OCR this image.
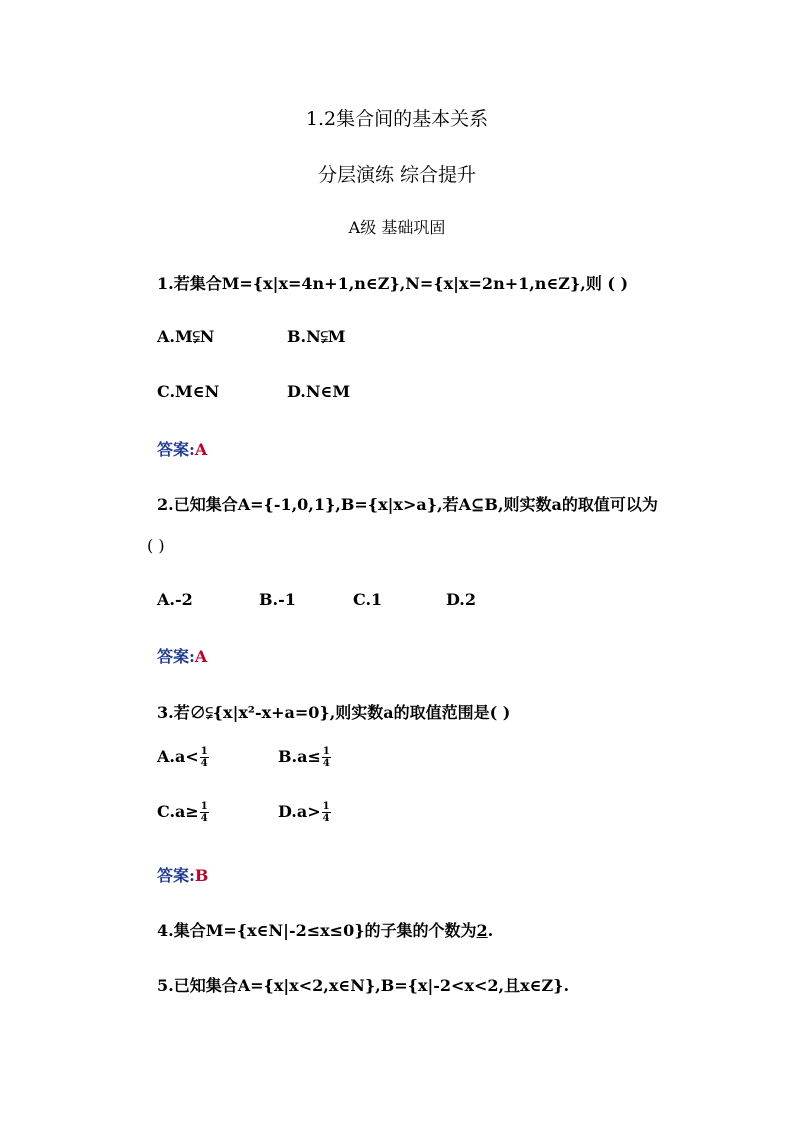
1.2集合间的基本关系
分层演练 综合提升
A级 基础巩固
1.若集合M={x|x=4n+1,n∈Z},N={x|x=2n+1,n∈Z},则 ( )
A.M⫋N	B.N⫋M
C.M∈N	D.N∈M
答案:A
2.已知集合A={-1,0,1},B={x|x>a},若A⊆B,则实数a的取值可以为
( )
A.-2	B.-1	C.1	D.2
答案:A
3.若∅⫋{x|x²-x+a=0},则实数a的取值范围是( )
$A.a< \frac{1}{4}$	$B.a\le \frac{1}{4}$
$C.a\ge \frac{1}{4}$	$D.a> \frac{1}{4}$
答案:B
4.集合M={x∈N|-2≤x≤0}的子集的个数为2.
5.已知集合A={x|x<2,x∈N},B={x|-2<x<2,且x∈Z}.
